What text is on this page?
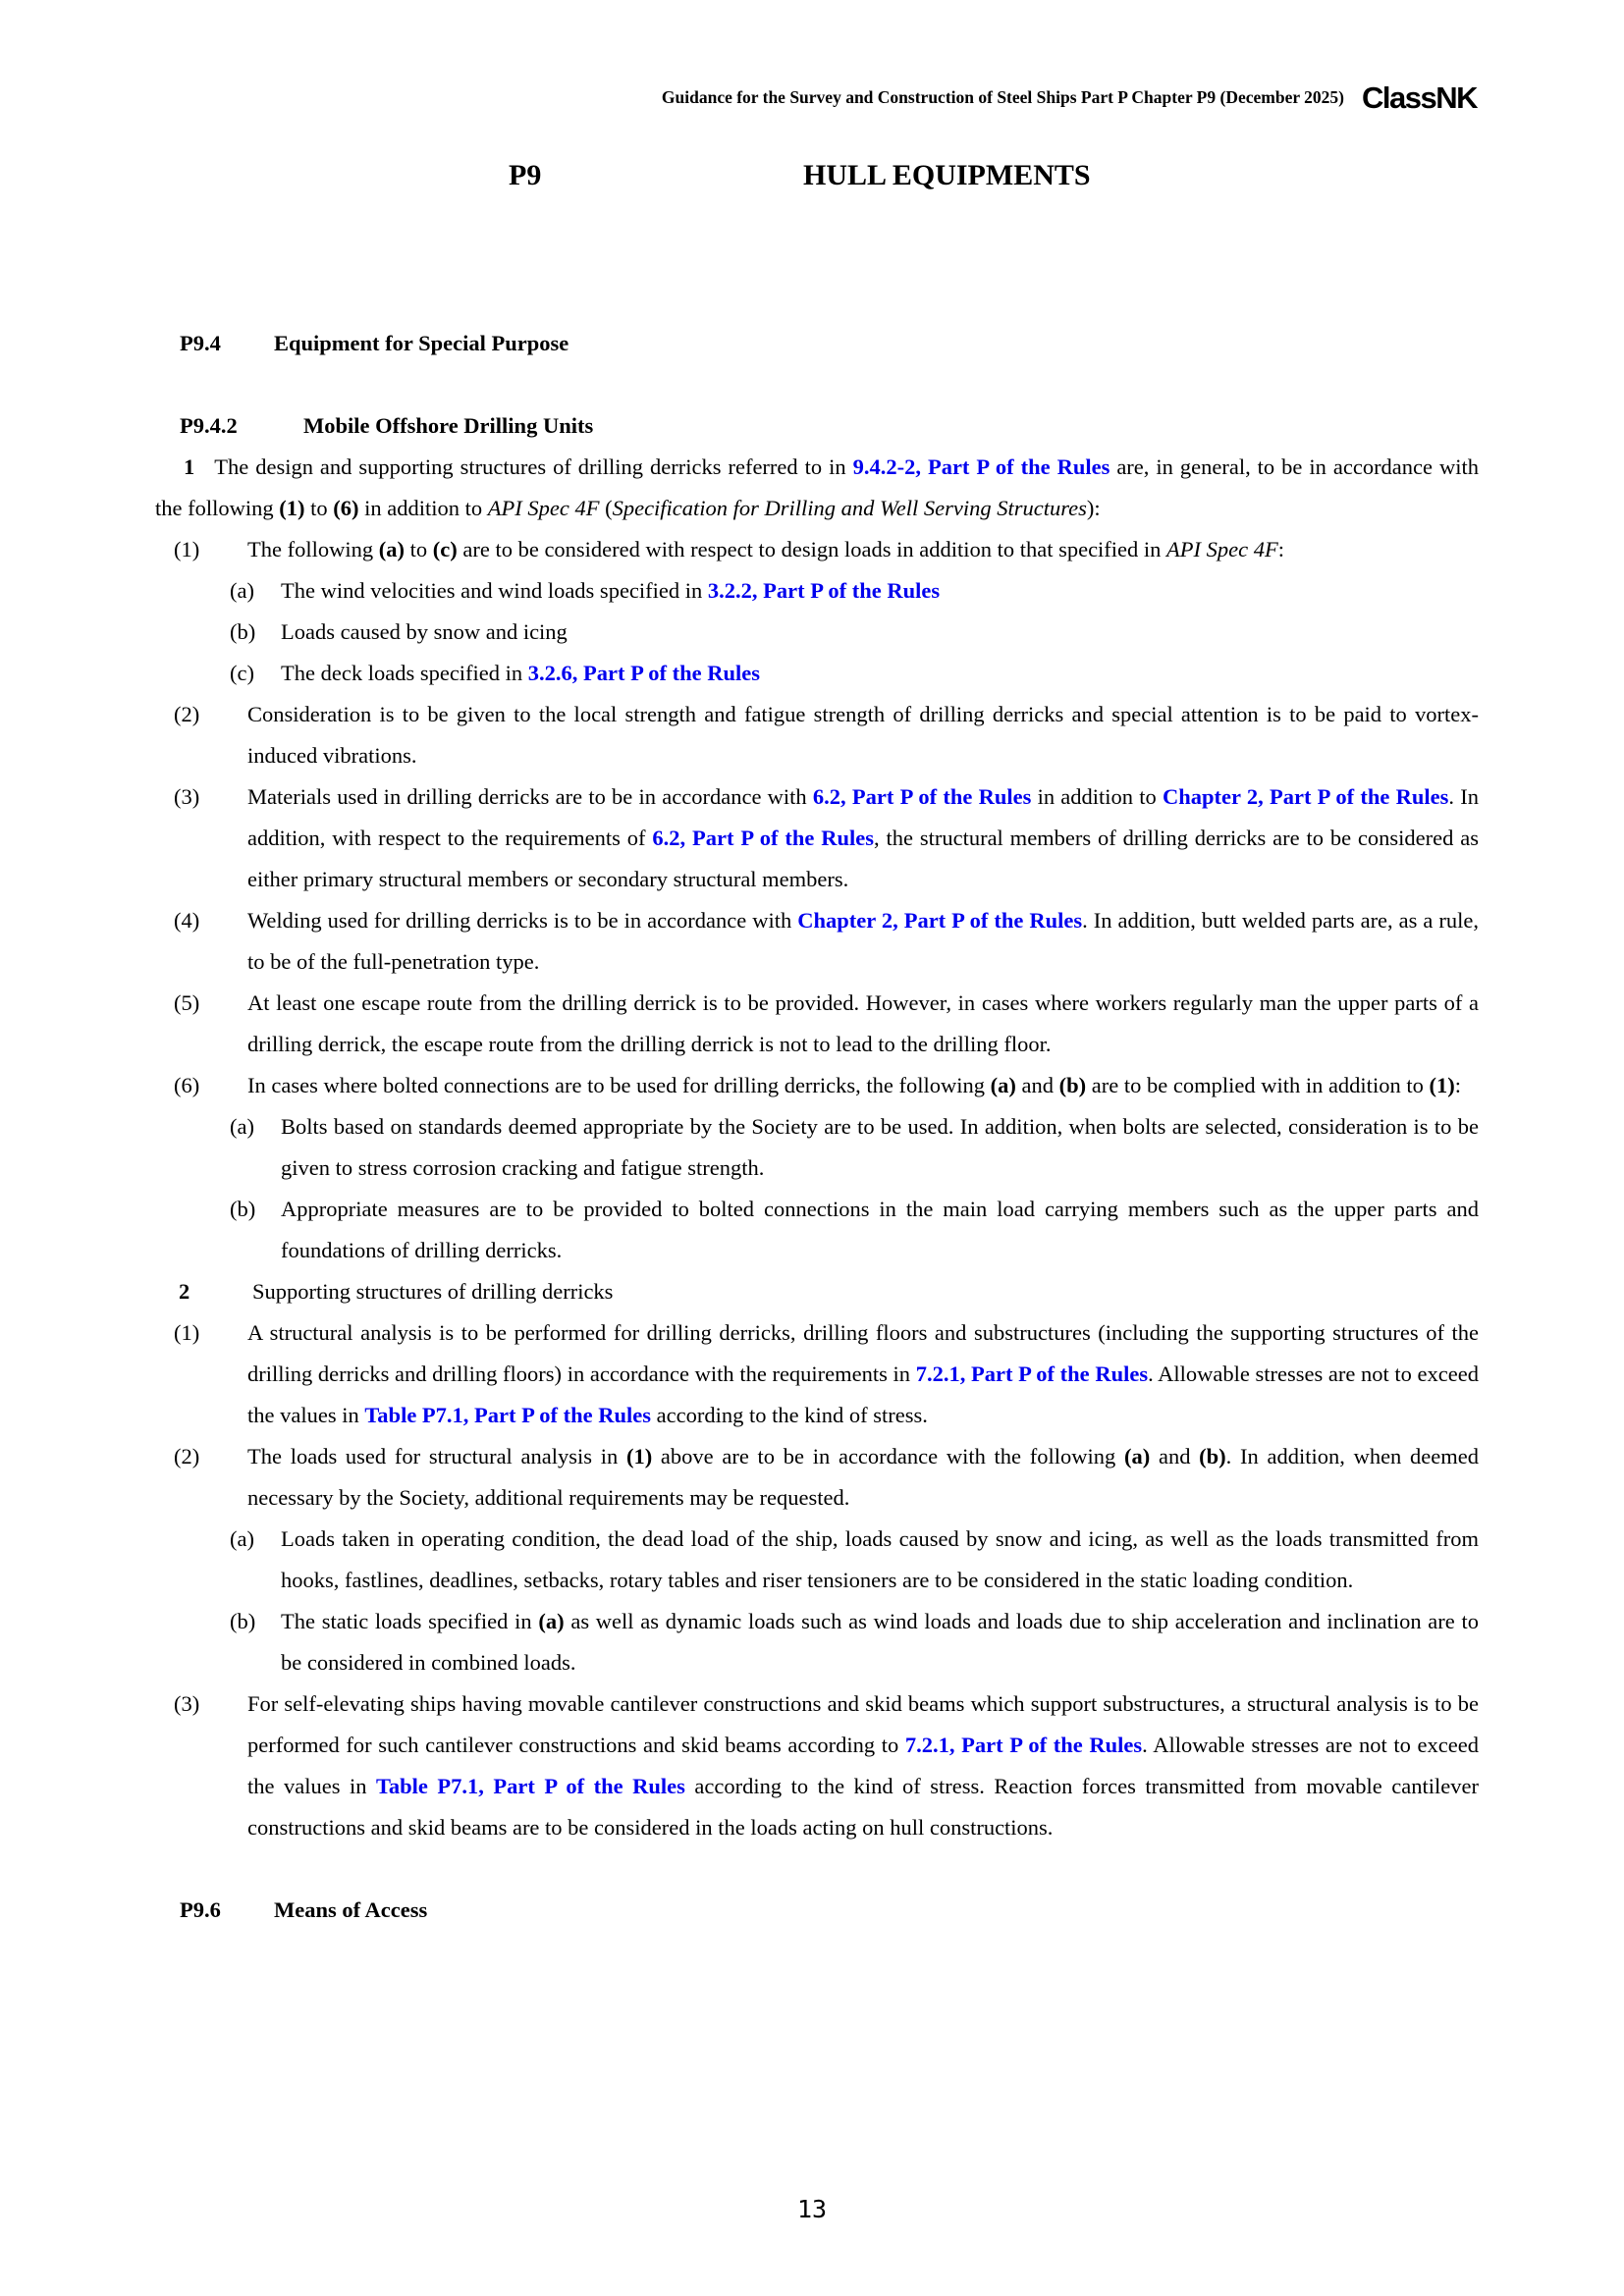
Guidance for the Survey and Construction of Steel Ships Part P Chapter P9 (December 2025) ClassNK
P9	HULL EQUIPMENTS
P9.4	Equipment for Special Purpose
P9.4.2	Mobile Offshore Drilling Units
1 The design and supporting structures of drilling derricks referred to in 9.4.2-2, Part P of the Rules are, in general, to be in accordance with the following (1) to (6) in addition to API Spec 4F (Specification for Drilling and Well Serving Structures):
(1)	The following (a) to (c) are to be considered with respect to design loads in addition to that specified in API Spec 4F:
(a)	The wind velocities and wind loads specified in 3.2.2, Part P of the Rules
(b)	Loads caused by snow and icing
(c)	The deck loads specified in 3.2.6, Part P of the Rules
(2)	Consideration is to be given to the local strength and fatigue strength of drilling derricks and special attention is to be paid to vortex-induced vibrations.
(3)	Materials used in drilling derricks are to be in accordance with 6.2, Part P of the Rules in addition to Chapter 2, Part P of the Rules. In addition, with respect to the requirements of 6.2, Part P of the Rules, the structural members of drilling derricks are to be considered as either primary structural members or secondary structural members.
(4)	Welding used for drilling derricks is to be in accordance with Chapter 2, Part P of the Rules. In addition, butt welded parts are, as a rule, to be of the full-penetration type.
(5)	At least one escape route from the drilling derrick is to be provided. However, in cases where workers regularly man the upper parts of a drilling derrick, the escape route from the drilling derrick is not to lead to the drilling floor.
(6)	In cases where bolted connections are to be used for drilling derricks, the following (a) and (b) are to be complied with in addition to (1):
(a)	Bolts based on standards deemed appropriate by the Society are to be used. In addition, when bolts are selected, consideration is to be given to stress corrosion cracking and fatigue strength.
(b)	Appropriate measures are to be provided to bolted connections in the main load carrying members such as the upper parts and foundations of drilling derricks.
2	Supporting structures of drilling derricks
(1)	A structural analysis is to be performed for drilling derricks, drilling floors and substructures (including the supporting structures of the drilling derricks and drilling floors) in accordance with the requirements in 7.2.1, Part P of the Rules. Allowable stresses are not to exceed the values in Table P7.1, Part P of the Rules according to the kind of stress.
(2)	The loads used for structural analysis in (1) above are to be in accordance with the following (a) and (b). In addition, when deemed necessary by the Society, additional requirements may be requested.
(a)	Loads taken in operating condition, the dead load of the ship, loads caused by snow and icing, as well as the loads transmitted from hooks, fastlines, deadlines, setbacks, rotary tables and riser tensioners are to be considered in the static loading condition.
(b)	The static loads specified in (a) as well as dynamic loads such as wind loads and loads due to ship acceleration and inclination are to be considered in combined loads.
(3)	For self-elevating ships having movable cantilever constructions and skid beams which support substructures, a structural analysis is to be performed for such cantilever constructions and skid beams according to 7.2.1, Part P of the Rules. Allowable stresses are not to exceed the values in Table P7.1, Part P of the Rules according to the kind of stress. Reaction forces transmitted from movable cantilever constructions and skid beams are to be considered in the loads acting on hull constructions.
P9.6	Means of Access
13
